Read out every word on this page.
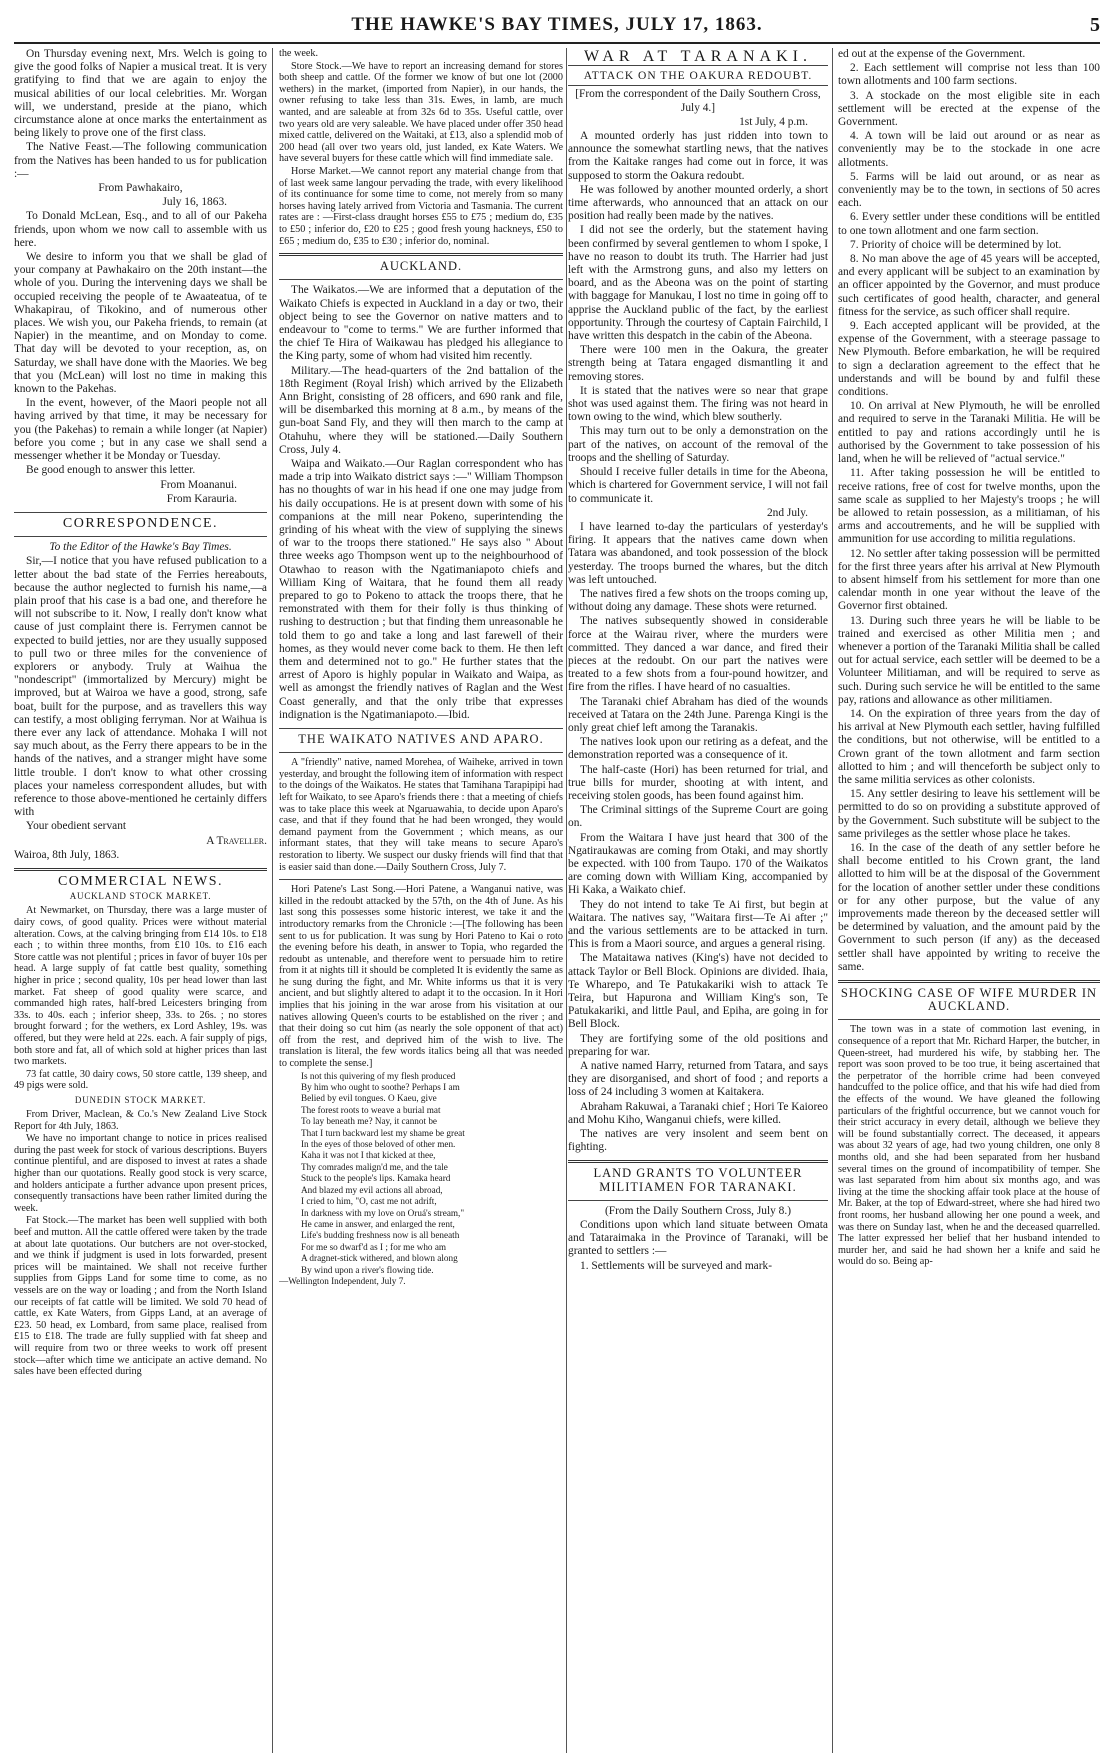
THE HAWKE'S BAY TIMES, JULY 17, 1863.	5

On Thursday evening next, Mrs. Welch is going to give the good folks of Napier a musical treat. It is very gratifying to find that we are again to enjoy the musical abilities of our local celebrities. Mr. Worgan will, we understand, preside at the piano, which circumstance alone at once marks the entertainment as being likely to prove one of the first class.

The Native Feast.—The following communication from the Natives has been handed to us for publication :—

From Pawhakairo,

July 16, 1863.

To Donald McLean, Esq., and to all of our Pakeha friends, upon whom we now call to assemble with us here.

We desire to inform you that we shall be glad of your company at Pawhakairo on the 20th instant—the whole of you. During the intervening days we shall be occupied receiving the people of te Awaateatua, of te Whakapirau, of Tikokino, and of numerous other places. We wish you, our Pakeha friends, to remain (at Napier) in the meantime, and on Monday to come. That day will be devoted to your reception, as, on Saturday, we shall have done with the Maories. We beg that you (McLean) will lost no time in making this known to the Pakehas.

In the event, however, of the Maori people not all having arrived by that time, it may be necessary for you (the Pakehas) to remain a while longer (at Napier) before you come ; but in any case we shall send a messenger whether it be Monday or Tuesday.

Be good enough to answer this letter.

From Moananui.

From Karauria.

CORRESPONDENCE.

To the Editor of the Hawke's Bay Times.

Sir,—I notice that you have refused publication to a letter about the bad state of the Ferries hereabouts, because the author neglected to furnish his name,—a plain proof that his case is a bad one, and therefore he will not subscribe to it. Now, I really don't know what cause of just complaint there is. Ferrymen cannot be expected to build jetties, nor are they usually supposed to pull two or three miles for the convenience of explorers or anybody. Truly at Waihua the "nondescript" (immortalized by Mercury) might be improved, but at Wairoa we have a good, strong, safe boat, built for the purpose, and as travellers this way can testify, a most obliging ferryman. Nor at Waihua is there ever any lack of attendance. Mohaka I will not say much about, as the Ferry there appears to be in the hands of the natives, and a stranger might have some little trouble. I don't know to what other crossing places your nameless correspondent alludes, but with reference to those above-mentioned he certainly differs with

Your obedient servant

A Traveller.

Wairoa, 8th July, 1863.

COMMERCIAL NEWS.

AUCKLAND STOCK MARKET.

At Newmarket, on Thursday, there was a large muster of dairy cows, of good quality. Prices were without material alteration. Cows, at the calving bringing from £14 10s. to £18 each ; to within three months, from £10 10s. to £16 each Store cattle was not plentiful ; prices in favor of buyer 10s per head. A large supply of fat cattle best quality, something higher in price ; second quality, 10s per head lower than last market. Fat sheep of good quality were scarce, and commanded high rates, half-bred Leicesters bringing from 33s. to 40s. each ; inferior sheep, 33s. to 26s. ; no stores brought forward ; for the wethers, ex Lord Ashley, 19s. was offered, but they were held at 22s. each. A fair supply of pigs, both store and fat, all of which sold at higher prices than last two markets.

73 fat cattle, 30 dairy cows, 50 store cattle, 139 sheep, and 49 pigs were sold.

DUNEDIN STOCK MARKET.

From Driver, Maclean, & Co.'s New Zealand Live Stock Report for 4th July, 1863.

We have no important change to notice in prices realised during the past week for stock of various descriptions. Buyers continue plentiful, and are disposed to invest at rates a shade higher than our quotations. Really good stock is very scarce, and holders anticipate a further advance upon present prices, consequently transactions have been rather limited during the week.

Fat Stock.—The market has been well supplied with both beef and mutton. All the cattle offered were taken by the trade at about late quotations. Our butchers are not over-stocked, and we think if judgment is used in lots forwarded, present prices will be maintained. We shall not receive further supplies from Gipps Land for some time to come, as no vessels are on the way or loading ; and from the North Island our receipts of fat cattle will be limited. We sold 70 head of cattle, ex Kate Waters, from Gipps Land, at an average of £23. 50 head, ex Lombard, from same place, realised from £15 to £18. The trade are fully supplied with fat sheep and will require from two or three weeks to work off present stock—after which time we anticipate an active demand. No sales have been effected during

the week.

Store Stock.—We have to report an increasing demand for stores both sheep and cattle. Of the former we know of but one lot (2000 wethers) in the market, (imported from Napier), in our hands, the owner refusing to take less than 31s. Ewes, in lamb, are much wanted, and are saleable at from 32s 6d to 35s. Useful cattle, over two years old are very saleable. We have placed under offer 350 head mixed cattle, delivered on the Waitaki, at £13, also a splendid mob of 200 head (all over two years old, just landed, ex Kate Waters. We have several buyers for these cattle which will find immediate sale.

Horse Market.—We cannot report any material change from that of last week same langour pervading the trade, with every likelihood of its continuance for some time to come, not merely from so many horses having lately arrived from Victoria and Tasmania. The current rates are : —First-class draught horses £55 to £75 ; medium do, £35 to £50 ; inferior do, £20 to £25 ; good fresh young hackneys, £50 to £65 ; medium do, £35 to £30 ; inferior do, nominal.

AUCKLAND.

The Waikatos.—We are informed that a deputation of the Waikato Chiefs is expected in Auckland in a day or two, their object being to see the Governor on native matters and to endeavour to "come to terms." We are further informed that the chief Te Hira of Waikawau has pledged his allegiance to the King party, some of whom had visited him recently.

Military.—The head-quarters of the 2nd battalion of the 18th Regiment (Royal Irish) which arrived by the Elizabeth Ann Bright, consisting of 28 officers, and 690 rank and file, will be disembarked this morning at 8 a.m., by means of the gun-boat Sand Fly, and they will then march to the camp at Otahuhu, where they will be stationed.—Daily Southern Cross, July 4.

Waipa and Waikato.—Our Raglan correspondent who has made a trip into Waikato district says :—" William Thompson has no thoughts of war in his head if one one may judge from his daily occupations. He is at present down with some of his companions at the mill near Pokeno, superintending the grinding of his wheat with the view of supplying the sinews of war to the troops there stationed." He says also " About three weeks ago Thompson went up to the neighbourhood of Otawhao to reason with the Ngatimaniapoto chiefs and William King of Waitara, that he found them all ready prepared to go to Pokeno to attack the troops there, that he remonstrated with them for their folly is thus thinking of rushing to destruction ; but that finding them unreasonable he told them to go and take a long and last farewell of their homes, as they would never come back to them. He then left them and determined not to go." He further states that the arrest of Aporo is highly popular in Waikato and Waipa, as well as amongst the friendly natives of Raglan and the West Coast generally, and that the only tribe that expresses indignation is the Ngatimaniapoto.—Ibid.

THE WAIKATO NATIVES AND APARO.

A "friendly" native, named Morehea, of Waiheke, arrived in town yesterday, and brought the following item of information with respect to the doings of the Waikatos. He states that Tamihana Tarapipipi had left for Waikato, to see Aparo's friends there : that a meeting of chiefs was to take place this week at Ngaruawahia, to decide upon Aparo's case, and that if they found that he had been wronged, they would demand payment from the Government ; which means, as our informant states, that they will take means to secure Aparo's restoration to liberty. We suspect our dusky friends will find that that is easier said than done.—Daily Southern Cross, July 7.

Hori Patene's Last Song.—Hori Patene, a Wanganui native, was killed in the redoubt attacked by the 57th, on the 4th of June. As his last song this possesses some historic interest, we take it and the introductory remarks from the Chronicle :—[The following has been sent to us for publication. It was sung by Hori Pateno to Kai o roto the evening before his death, in answer to Topia, who regarded the redoubt as untenable, and therefore went to persuade him to retire from it at nights till it should be completed It is evidently the same as he sung during the fight, and Mr. White informs us that it is very ancient, and but slightly altered to adapt it to the occasion. In it Hori implies that his joining in the war arose from his visitation at our natives allowing Queen's courts to be established on the river ; and that their doing so cut him (as nearly the sole opponent of that act) off from the rest, and deprived him of the wish to live. The translation is literal, the few words italics being all that was needed to complete the sense.]

Is not this quivering of my flesh produced

By him who ought to soothe? Perhaps I am

Belied by evil tongues. O Kaeu, give

The forest roots to weave a burial mat

To lay beneath me? Nay, it cannot be

That I turn backward lest my shame be great

In the eyes of those beloved of other men.

Kaha it was not I that kicked at thee,

Thy comrades malign'd me, and the tale

Stuck to the people's lips. Kamaka heard

And blazed my evil actions all abroad,

I cried to him, "O, cast me not adrift,

In darkness with my love on Oruá's stream,"

He came in answer, and enlarged the rent,

Life's budding freshness now is all beneath

For me so dwarf'd as I ; for me who am

A dragnet-stick withered, and blown along

By wind upon a river's flowing tide.

—Wellington Independent, July 7.

WAR AT TARANAKI.

ATTACK ON THE OAKURA REDOUBT.

[From the correspondent of the Daily Southern Cross, July 4.]

1st July, 4 p.m.

A mounted orderly has just ridden into town to announce the somewhat startling news, that the natives from the Kaitake ranges had come out in force, it was supposed to storm the Oakura redoubt.

He was followed by another mounted orderly, a short time afterwards, who announced that an attack on our position had really been made by the natives.

I did not see the orderly, but the statement having been confirmed by several gentlemen to whom I spoke, I have no reason to doubt its truth. The Harrier had just left with the Armstrong guns, and also my letters on board, and as the Abeona was on the point of starting with baggage for Manukau, I lost no time in going off to apprise the Auckland public of the fact, by the earliest opportunity. Through the courtesy of Captain Fairchild, I have written this despatch in the cabin of the Abeona.

There were 100 men in the Oakura, the greater strength being at Tatara engaged dismantling it and removing stores.

It is stated that the natives were so near that grape shot was used against them. The firing was not heard in town owing to the wind, which blew southerly.

This may turn out to be only a demonstration on the part of the natives, on account of the removal of the troops and the shelling of Saturday.

Should I receive fuller details in time for the Abeona, which is chartered for Government service, I will not fail to communicate it.

2nd July.

I have learned to-day the particulars of yesterday's firing. It appears that the natives came down when Tatara was abandoned, and took possession of the block yesterday. The troops burned the whares, but the ditch was left untouched.

The natives fired a few shots on the troops coming up, without doing any damage. These shots were returned.

The natives subsequently showed in considerable force at the Wairau river, where the murders were committed. They danced a war dance, and fired their pieces at the redoubt. On our part the natives were treated to a few shots from a four-pound howitzer, and fire from the rifles. I have heard of no casualties.

The Taranaki chief Abraham has died of the wounds received at Tatara on the 24th June. Parenga Kingi is the only great chief left among the Taranakis.

The natives look upon our retiring as a defeat, and the demonstration reported was a consequence of it.

The half-caste (Hori) has been returned for trial, and true bills for murder, shooting at with intent, and receiving stolen goods, has been found against him.

The Criminal sittings of the Supreme Court are going on.

From the Waitara I have just heard that 300 of the Ngatiraukawas are coming from Otaki, and may shortly be expected. with 100 from Taupo. 170 of the Waikatos are coming down with William King, accompanied by Hi Kaka, a Waikato chief.

They do not intend to take Te Ai first, but begin at Waitara. The natives say, "Waitara first—Te Ai after ;" and the various settlements are to be attacked in turn. This is from a Maori source, and argues a general rising.

The Mataitawa natives (King's) have not decided to attack Taylor or Bell Block. Opinions are divided. Ihaia, Te Wharepo, and Te Patukakariki wish to attack Te Teira, but Hapurona and William King's son, Te Patukakariki, and little Paul, and Epiha, are going in for Bell Block.

They are fortifying some of the old positions and preparing for war.

A native named Harry, returned from Tatara, and says they are disorganised, and short of food ; and reports a loss of 24 including 3 women at Kaitakera.

Abraham Rakuwai, a Taranaki chief ; Hori Te Kaioreo and Mohu Kiho, Wanganui chiefs, were killed.

The natives are very insolent and seem bent on fighting.

LAND GRANTS TO VOLUNTEER MILITIAMEN FOR TARANAKI.

(From the Daily Southern Cross, July 8.)

Conditions upon which land situate between Omata and Tataraimaka in the Province of Taranaki, will be granted to settlers :—

1. Settlements will be surveyed and mark-

ed out at the expense of the Government.

2. Each settlement will comprise not less than 100 town allotments and 100 farm sections.

3. A stockade on the most eligible site in each settlement will be erected at the expense of the Government.

4. A town will be laid out around or as near as conveniently may be to the stockade in one acre allotments.

5. Farms will be laid out around, or as near as conveniently may be to the town, in sections of 50 acres each.

6. Every settler under these conditions will be entitled to one town allotment and one farm section.

7. Priority of choice will be determined by lot.

8. No man above the age of 45 years will be accepted, and every applicant will be subject to an examination by an officer appointed by the Governor, and must produce such certificates of good health, character, and general fitness for the service, as such officer shall require.

9. Each accepted applicant will be provided, at the expense of the Government, with a steerage passage to New Plymouth. Before embarkation, he will be required to sign a declaration agreement to the effect that he understands and will be bound by and fulfil these conditions.

10. On arrival at New Plymouth, he will be enrolled and required to serve in the Taranaki Militia. He will be entitled to pay and rations accordingly until he is authorised by the Government to take possession of his land, when he will be relieved of "actual service."

11. After taking possession he will be entitled to receive rations, free of cost for twelve months, upon the same scale as supplied to her Majesty's troops ; he will be allowed to retain possession, as a militiaman, of his arms and accoutrements, and he will be supplied with ammunition for use according to militia regulations.

12. No settler after taking possession will be permitted for the first three years after his arrival at New Plymouth to absent himself from his settlement for more than one calendar month in one year without the leave of the Governor first obtained.

13. During such three years he will be liable to be trained and exercised as other Militia men ; and whenever a portion of the Taranaki Militia shall be called out for actual service, each settler will be deemed to be a Volunteer Militiaman, and will be required to serve as such. During such service he will be entitled to the same pay, rations and allowance as other militiamen.

14. On the expiration of three years from the day of his arrival at New Plymouth each settler, having fulfilled the conditions, but not otherwise, will be entitled to a Crown grant of the town allotment and farm section allotted to him ; and will thenceforth be subject only to the same militia services as other colonists.

15. Any settler desiring to leave his settlement will be permitted to do so on providing a substitute approved of by the Government. Such substitute will be subject to the same privileges as the settler whose place he takes.

16. In the case of the death of any settler before he shall become entitled to his Crown grant, the land allotted to him will be at the disposal of the Government for the location of another settler under these conditions or for any other purpose, but the value of any improvements made thereon by the deceased settler will be determined by valuation, and the amount paid by the Government to such person (if any) as the deceased settler shall have appointed by writing to receive the same.

SHOCKING CASE OF WIFE MURDER IN AUCKLAND.

The town was in a state of commotion last evening, in consequence of a report that Mr. Richard Harper, the butcher, in Queen-street, had murdered his wife, by stabbing her. The report was soon proved to be too true, it being ascertained that the perpetrator of the horrible crime had been conveyed handcuffed to the police office, and that his wife had died from the effects of the wound. We have gleaned the following particulars of the frightful occurrence, but we cannot vouch for their strict accuracy in every detail, although we believe they will be found substantially correct. The deceased, it appears was about 32 years of age, had two young children, one only 8 months old, and she had been separated from her husband several times on the ground of incompatibility of temper. She was last separated from him about six months ago, and was living at the time the shocking affair took place at the house of Mr. Baker, at the top of Edward-street, where she had hired two front rooms, her husband allowing her one pound a week, and was there on Sunday last, when he and the deceased quarrelled. The latter expressed her belief that her husband intended to murder her, and said he had shown her a knife and said he would do so. Being ap-
